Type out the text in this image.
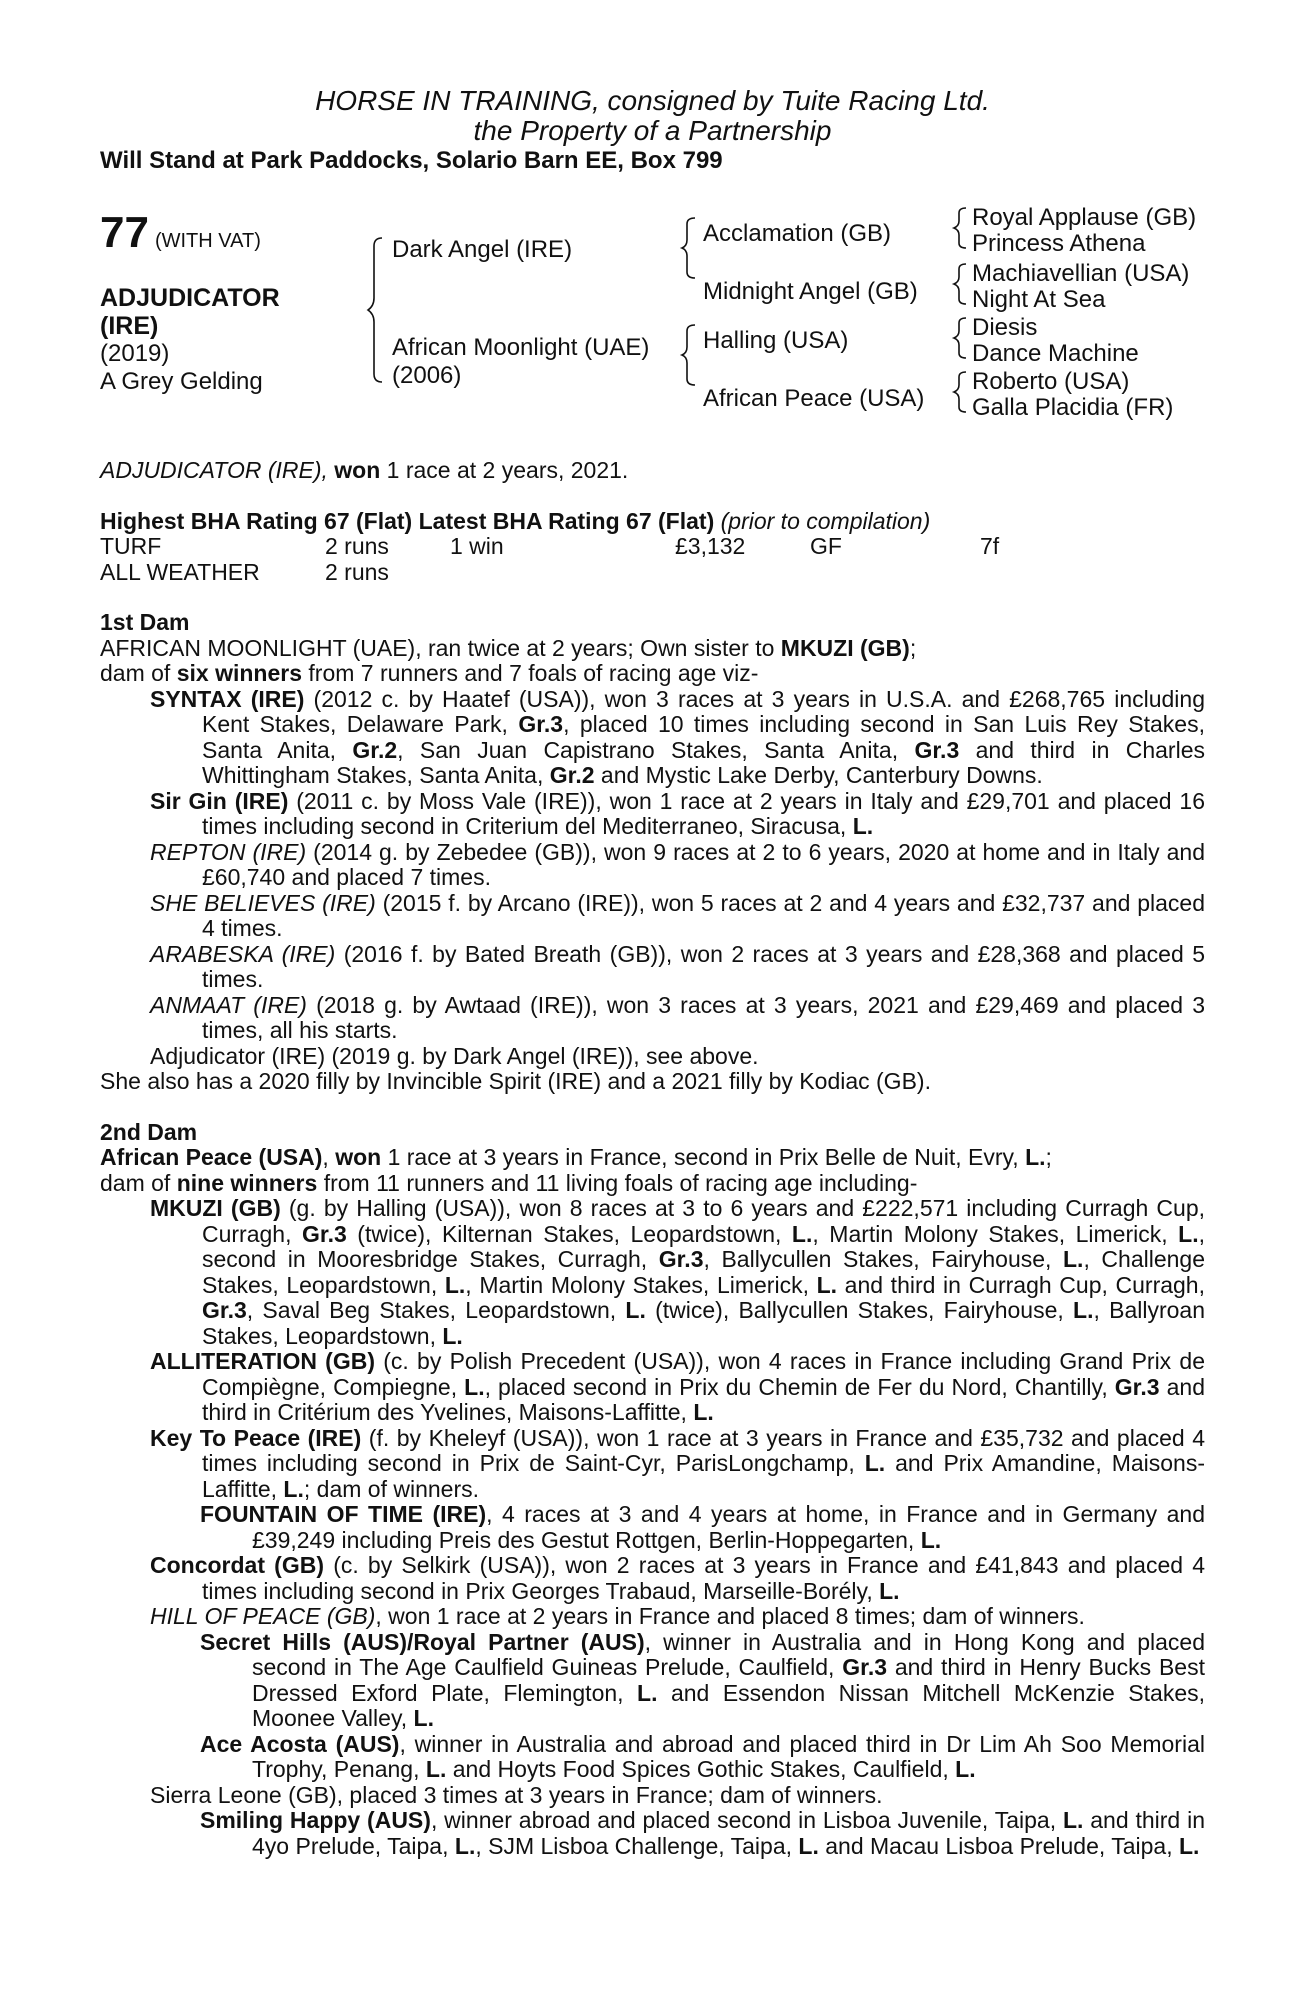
HORSE IN TRAINING, consigned by Tuite Racing Ltd.
the Property of a Partnership
Will Stand at Park Paddocks, Solario Barn EE, Box 799
77 (WITH VAT)
ADJUDICATOR
(IRE)
(2019)
A Grey Gelding
Dark Angel (IRE)
African Moonlight (UAE)
(2006)
Acclamation (GB)
Midnight Angel (GB)
Halling (USA)
African Peace (USA)
Royal Applause (GB)
Princess Athena
Machiavellian (USA)
Night At Sea
Diesis
Dance Machine
Roberto (USA)
Galla Placidia (FR)
ADJUDICATOR (IRE), won 1 race at 2 years, 2021.
Highest BHA Rating 67 (Flat) Latest BHA Rating 67 (Flat) (prior to compilation)
TURF	2 runs	1 win	£3,132	GF	7f
ALL WEATHER	2 runs
1st Dam
AFRICAN MOONLIGHT (UAE), ran twice at 2 years; Own sister to MKUZI (GB);
dam of six winners from 7 runners and 7 foals of racing age viz-
SYNTAX (IRE) (2012 c. by Haatef (USA)), won 3 races at 3 years in U.S.A. and £268,765 including Kent Stakes, Delaware Park, Gr.3, placed 10 times including second in San Luis Rey Stakes, Santa Anita, Gr.2, San Juan Capistrano Stakes, Santa Anita, Gr.3 and third in Charles Whittingham Stakes, Santa Anita, Gr.2 and Mystic Lake Derby, Canterbury Downs.
Sir Gin (IRE) (2011 c. by Moss Vale (IRE)), won 1 race at 2 years in Italy and £29,701 and placed 16 times including second in Criterium del Mediterraneo, Siracusa, L.
REPTON (IRE) (2014 g. by Zebedee (GB)), won 9 races at 2 to 6 years, 2020 at home and in Italy and £60,740 and placed 7 times.
SHE BELIEVES (IRE) (2015 f. by Arcano (IRE)), won 5 races at 2 and 4 years and £32,737 and placed 4 times.
ARABESKA (IRE) (2016 f. by Bated Breath (GB)), won 2 races at 3 years and £28,368 and placed 5 times.
ANMAAT (IRE) (2018 g. by Awtaad (IRE)), won 3 races at 3 years, 2021 and £29,469 and placed 3 times, all his starts.
Adjudicator (IRE) (2019 g. by Dark Angel (IRE)), see above.
She also has a 2020 filly by Invincible Spirit (IRE) and a 2021 filly by Kodiac (GB).
2nd Dam
African Peace (USA), won 1 race at 3 years in France, second in Prix Belle de Nuit, Evry, L.;
dam of nine winners from 11 runners and 11 living foals of racing age including-
MKUZI (GB) (g. by Halling (USA)), won 8 races at 3 to 6 years and £222,571 including Curragh Cup, Curragh, Gr.3 (twice), Kilternan Stakes, Leopardstown, L., Martin Molony Stakes, Limerick, L., second in Mooresbridge Stakes, Curragh, Gr.3, Ballycullen Stakes, Fairyhouse, L., Challenge Stakes, Leopardstown, L., Martin Molony Stakes, Limerick, L. and third in Curragh Cup, Curragh, Gr.3, Saval Beg Stakes, Leopardstown, L. (twice), Ballycullen Stakes, Fairyhouse, L., Ballyroan Stakes, Leopardstown, L.
ALLITERATION (GB) (c. by Polish Precedent (USA)), won 4 races in France including Grand Prix de Compiègne, Compiegne, L., placed second in Prix du Chemin de Fer du Nord, Chantilly, Gr.3 and third in Critérium des Yvelines, Maisons-Laffitte, L.
Key To Peace (IRE) (f. by Kheleyf (USA)), won 1 race at 3 years in France and £35,732 and placed 4 times including second in Prix de Saint-Cyr, ParisLongchamp, L. and Prix Amandine, Maisons-Laffitte, L.; dam of winners.
FOUNTAIN OF TIME (IRE), 4 races at 3 and 4 years at home, in France and in Germany and £39,249 including Preis des Gestut Rottgen, Berlin-Hoppegarten, L.
Concordat (GB) (c. by Selkirk (USA)), won 2 races at 3 years in France and £41,843 and placed 4 times including second in Prix Georges Trabaud, Marseille-Borély, L.
HILL OF PEACE (GB), won 1 race at 2 years in France and placed 8 times; dam of winners.
Secret Hills (AUS)/Royal Partner (AUS), winner in Australia and in Hong Kong and placed second in The Age Caulfield Guineas Prelude, Caulfield, Gr.3 and third in Henry Bucks Best Dressed Exford Plate, Flemington, L. and Essendon Nissan Mitchell McKenzie Stakes, Moonee Valley, L.
Ace Acosta (AUS), winner in Australia and abroad and placed third in Dr Lim Ah Soo Memorial Trophy, Penang, L. and Hoyts Food Spices Gothic Stakes, Caulfield, L.
Sierra Leone (GB), placed 3 times at 3 years in France; dam of winners.
Smiling Happy (AUS), winner abroad and placed second in Lisboa Juvenile, Taipa, L. and third in 4yo Prelude, Taipa, L., SJM Lisboa Challenge, Taipa, L. and Macau Lisboa Prelude, Taipa, L.
